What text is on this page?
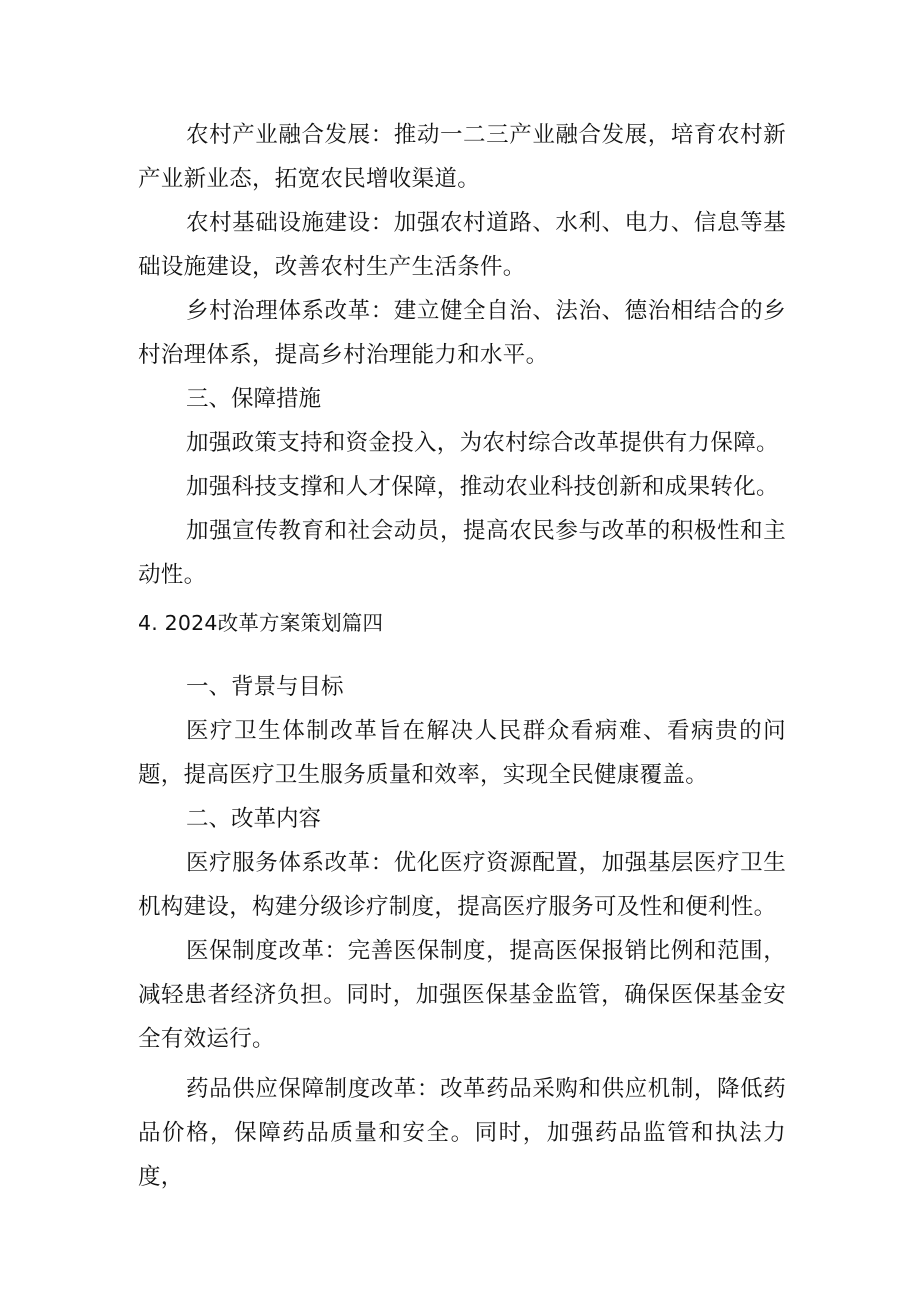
农村产业融合发展：推动一二三产业融合发展，培育农村新产业新业态，拓宽农民增收渠道。

农村基础设施建设：加强农村道路、水利、电力、信息等基础设施建设，改善农村生产生活条件。

乡村治理体系改革：建立健全自治、法治、德治相结合的乡村治理体系，提高乡村治理能力和水平。

三、保障措施

加强政策支持和资金投入，为农村综合改革提供有力保障。

加强科技支撑和人才保障，推动农业科技创新和成果转化。

加强宣传教育和社会动员，提高农民参与改革的积极性和主动性。

4. 2024改革方案策划篇四

一、背景与目标

医疗卫生体制改革旨在解决人民群众看病难、看病贵的问题，提高医疗卫生服务质量和效率，实现全民健康覆盖。

二、改革内容

医疗服务体系改革：优化医疗资源配置，加强基层医疗卫生机构建设，构建分级诊疗制度，提高医疗服务可及性和便利性。

医保制度改革：完善医保制度，提高医保报销比例和范围，减轻患者经济负担。同时，加强医保基金监管，确保医保基金安全有效运行。

药品供应保障制度改革：改革药品采购和供应机制，降低药品价格，保障药品质量和安全。同时，加强药品监管和执法力度，
